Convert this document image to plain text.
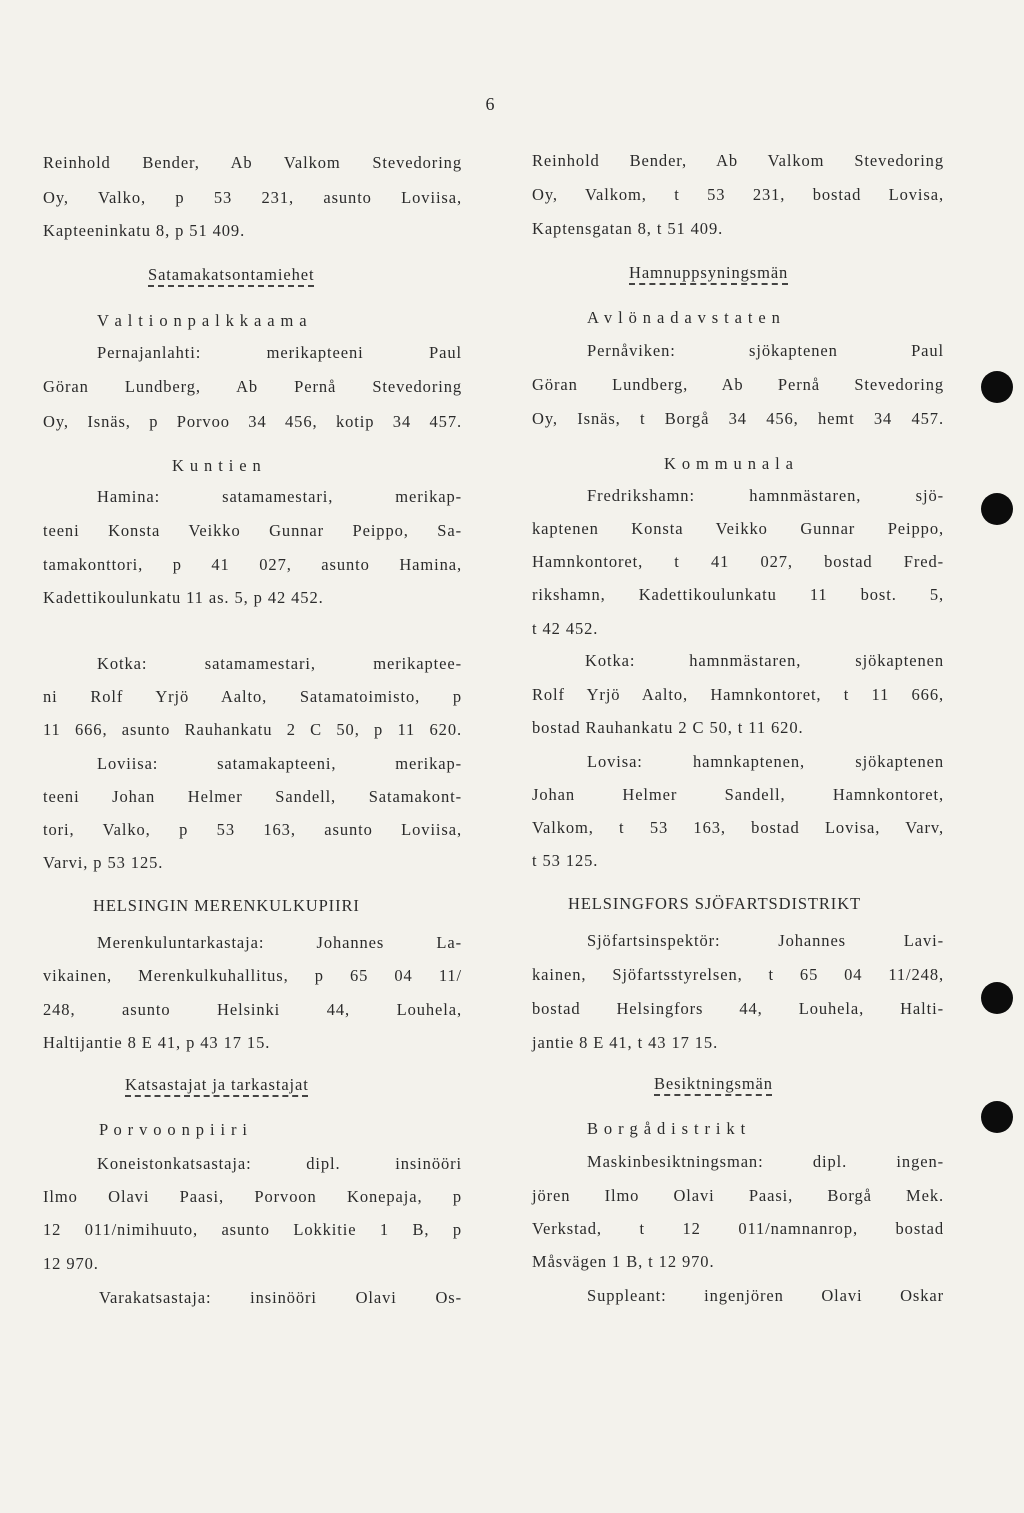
6
Reinhold Bender, Ab Valkom Stevedoring
Oy, Valko, p 53 231, asunto Loviisa,
Kapteeninkatu 8, p 51 409.
Satamakatsontamiehet
V a l t i o n p a l k k a a m a
Pernajanlahti: merikapteeni Paul
Göran Lundberg, Ab Pernå Stevedoring
Oy, Isnäs, p Porvoo 34 456, kotip 34 457.
K u n t i e n
Hamina: satamamestari, merikap-
teeni Konsta Veikko Gunnar Peippo, Sa-
tamakonttori, p 41 027, asunto Hamina,
Kadettikoulunkatu 11 as. 5, p 42 452.
Kotka: satamamestari, merikaptee-
ni Rolf Yrjö Aalto, Satamatoimisto, p
11 666, asunto Rauhankatu 2 C 50, p 11 620.
Loviisa: satamakapteeni, merikap-
teeni Johan Helmer Sandell, Satamakont-
tori, Valko, p 53 163, asunto Loviisa,
Varvi, p 53 125.
HELSINGIN MERENKULKUPIIRI
Merenkuluntarkastaja: Johannes La-
vikainen, Merenkulkuhallitus, p 65 04 11/
248, asunto Helsinki 44, Louhela,
Haltijantie 8 E 41, p 43 17 15.
Katsastajat ja tarkastajat
P o r v o o n p i i r i
Koneistonkatsastaja: dipl. insinööri
Ilmo Olavi Paasi, Porvoon Konepaja, p
12 011/nimihuuto, asunto Lokkitie 1 B, p
12 970.
Varakatsastaja: insinööri Olavi Os-
Reinhold Bender, Ab Valkom Stevedoring
Oy, Valkom, t 53 231, bostad Lovisa,
Kaptensgatan 8, t 51 409.
Hamnuppsyningsmän
A v l ö n a d a v s t a t e n
Pernåviken: sjökaptenen Paul
Göran Lundberg, Ab Pernå Stevedoring
Oy, Isnäs, t Borgå 34 456, hemt 34 457.
K o m m u n a l a
Fredrikshamn: hamnmästaren, sjö-
kaptenen Konsta Veikko Gunnar Peippo,
Hamnkontoret, t 41 027, bostad Fred-
rikshamn, Kadettikoulunkatu 11 bost. 5,
t 42 452.
Kotka: hamnmästaren, sjökaptenen
Rolf Yrjö Aalto, Hamnkontoret, t 11 666,
bostad Rauhankatu 2 C 50, t 11 620.
Lovisa: hamnkaptenen, sjökaptenen
Johan Helmer Sandell, Hamnkontoret,
Valkom, t 53 163, bostad Lovisa, Varv,
t 53 125.
HELSINGFORS SJÖFARTSDISTRIKT
Sjöfartsinspektör: Johannes Lavi-
kainen, Sjöfartsstyrelsen, t 65 04 11/248,
bostad Helsingfors 44, Louhela, Halti-
jantie 8 E 41, t 43 17 15.
Besiktningsmän
B o r g å d i s t r i k t
Maskinbesiktningsman: dipl. ingen-
jören Ilmo Olavi Paasi, Borgå Mek.
Verkstad, t 12 011/namnanrop, bostad
Måsvägen 1 B, t 12 970.
Suppleant: ingenjören Olavi Oskar
